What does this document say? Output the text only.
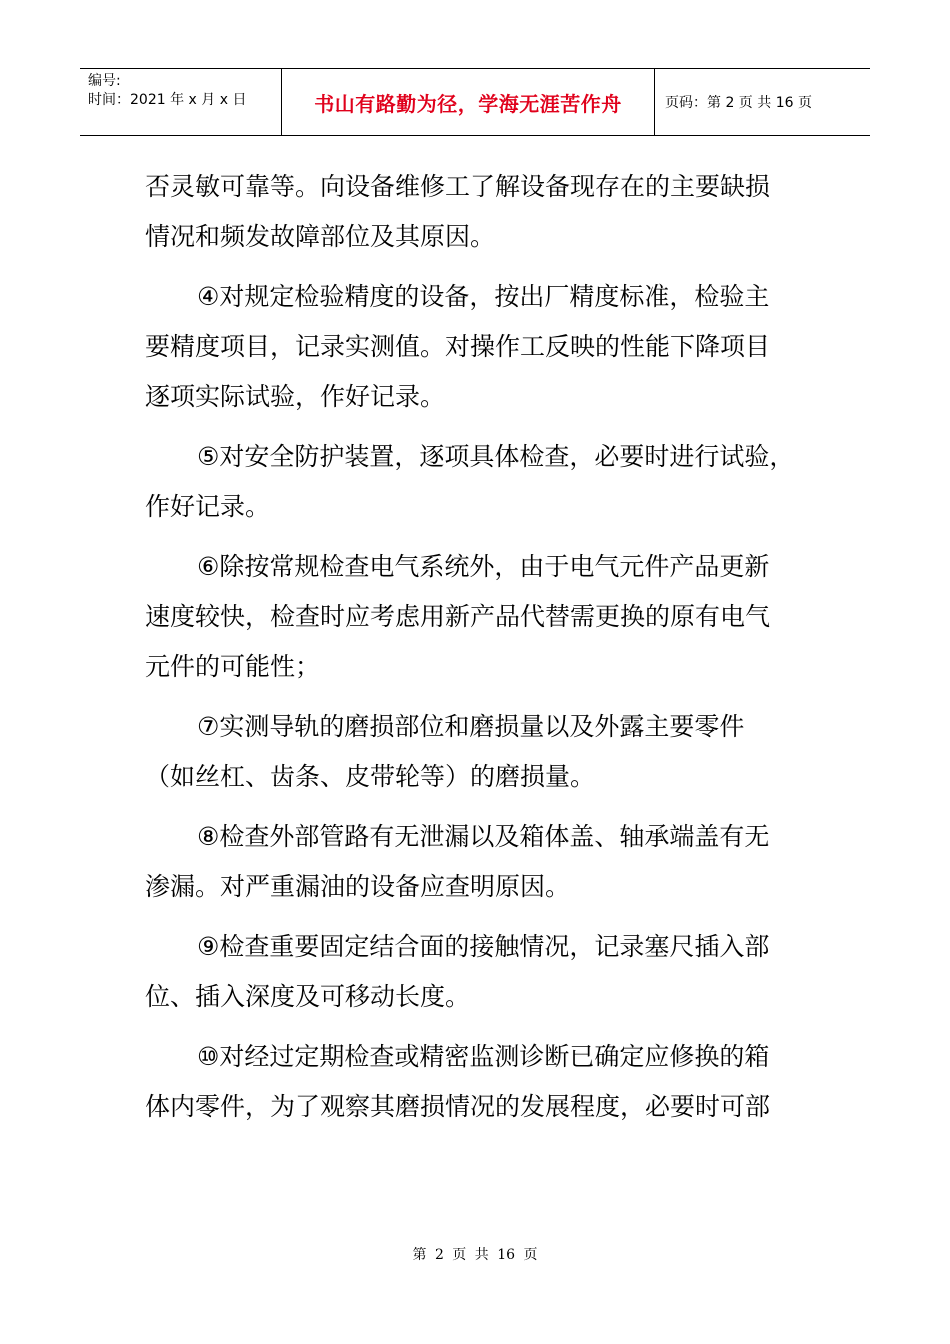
编号:
时间：2021 年 x 月 x 日	书山有路勤为径，学海无涯苦作舟	页码：第 2 页 共 16 页
否灵敏可靠等。向设备维修工了解设备现存在的主要缺损
情况和频发故障部位及其原因。
④对规定检验精度的设备，按出厂精度标准，检验主
要精度项目，记录实测值。对操作工反映的性能下降项目
逐项实际试验，作好记录。
⑤对安全防护装置，逐项具体检查，必要时进行试验，
作好记录。
⑥除按常规检查电气系统外，由于电气元件产品更新
速度较快，检查时应考虑用新产品代替需更换的原有电气
元件的可能性；
⑦实测导轨的磨损部位和磨损量以及外露主要零件
（如丝杠、齿条、皮带轮等）的磨损量。
⑧检查外部管路有无泄漏以及箱体盖、轴承端盖有无
渗漏。对严重漏油的设备应查明原因。
⑨检查重要固定结合面的接触情况，记录塞尺插入部
位、插入深度及可移动长度。
⑩对经过定期检查或精密监测诊断已确定应修换的箱
体内零件，为了观察其磨损情况的发展程度，必要时可部
第 2 页 共 16 页
